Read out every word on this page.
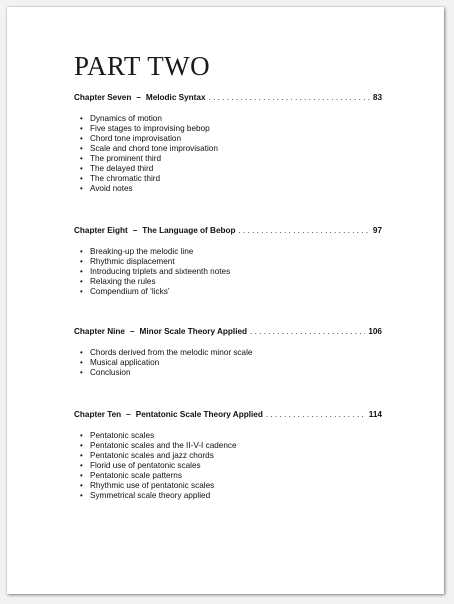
PART TWO
Chapter Seven – Melodic Syntax . . .	83
• Dynamics of motion
• Five stages to improvising bebop
• Chord tone improvisation
• Scale and chord tone improvisation
• The prominent third
• The delayed third
• The chromatic third
• Avoid notes
Chapter Eight – The Language of Bebop . . .	97
• Breaking-up the melodic line
• Rhythmic displacement
• Introducing triplets and sixteenth notes
• Relaxing the rules
• Compendium of ‘licks’
Chapter Nine – Minor Scale Theory Applied . . .	106
• Chords derived from the melodic minor scale
• Musical application
• Conclusion
Chapter Ten – Pentatonic Scale Theory Applied . . .	114
• Pentatonic scales
• Pentatonic scales and the II-V-I cadence
• Pentatonic scales and jazz chords
• Florid use of pentatonic scales
• Pentatonic scale patterns
• Rhythmic use of pentatonic scales
• Symmetrical scale theory applied
